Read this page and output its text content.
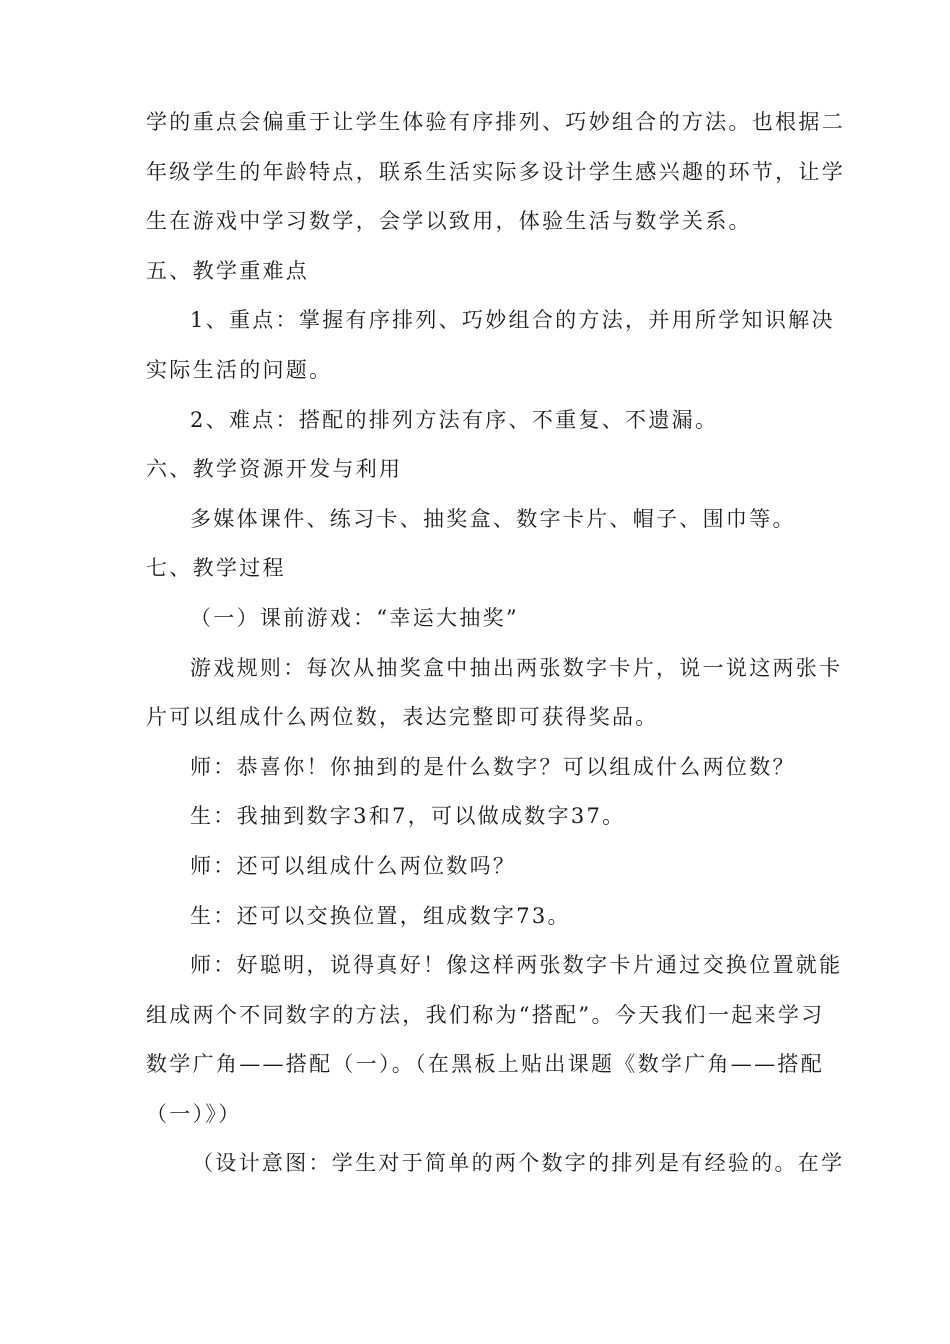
学的重点会偏重于让学生体验有序排列、巧妙组合的方法。也根据二
年级学生的年龄特点，联系生活实际多设计学生感兴趣的环节，让学
生在游戏中学习数学，会学以致用，体验生活与数学关系。
五、教学重难点
1、重点：掌握有序排列、巧妙组合的方法，并用所学知识解决
实际生活的问题。
2、难点：搭配的排列方法有序、不重复、不遗漏。
六、教学资源开发与利用
多媒体课件、练习卡、抽奖盒、数字卡片、帽子、围巾等。
七、教学过程
（一）课前游戏：“幸运大抽奖”
游戏规则：每次从抽奖盒中抽出两张数字卡片，说一说这两张卡
片可以组成什么两位数，表达完整即可获得奖品。
师：恭喜你！你抽到的是什么数字？可以组成什么两位数？
生：我抽到数字3和7，可以做成数字37。
师：还可以组成什么两位数吗？
生：还可以交换位置，组成数字73。
师：好聪明，说得真好！像这样两张数字卡片通过交换位置就能
组成两个不同数字的方法，我们称为“搭配”。今天我们一起来学习
数学广角——搭配（一）。（在黑板上贴出课题《数学广角——搭配
（一）》）
（设计意图：学生对于简单的两个数字的排列是有经验的。在学
